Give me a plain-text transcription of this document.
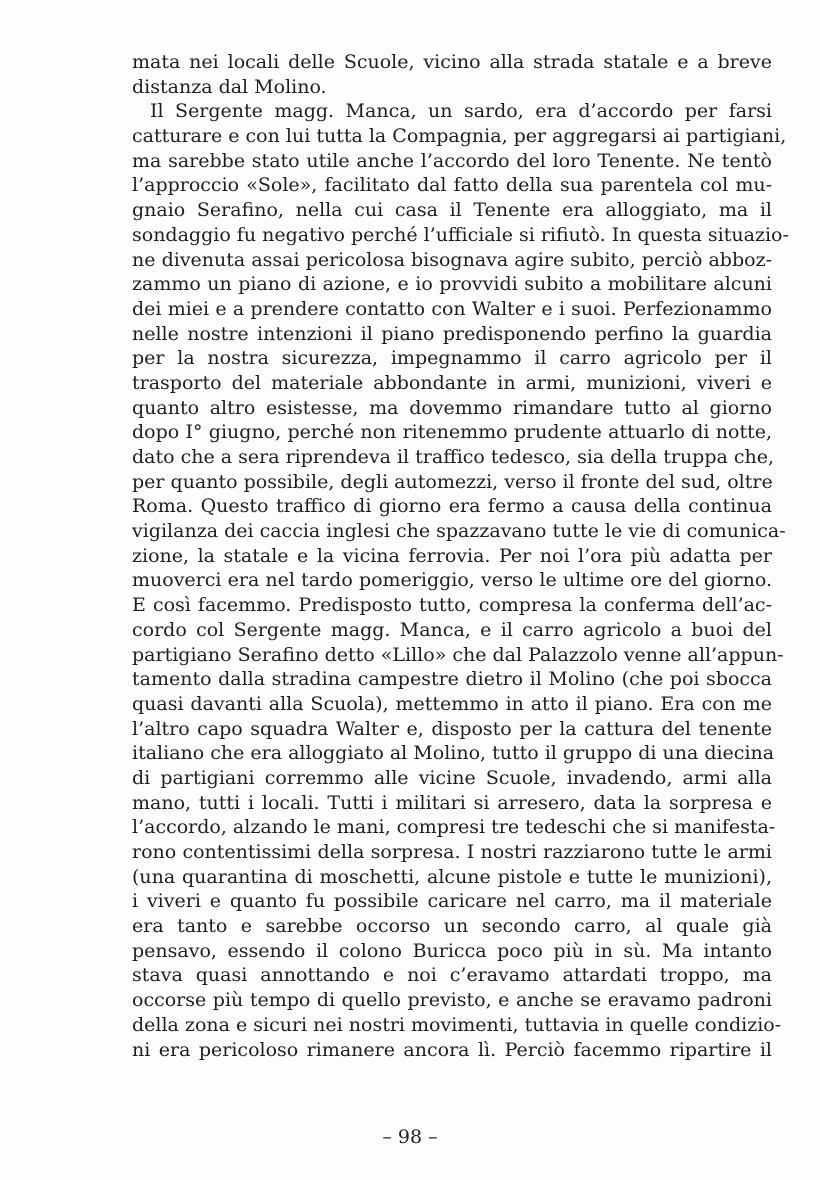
mata nei locali delle Scuole, vicino alla strada statale e a breve
distanza dal Molino.
Il Sergente magg. Manca, un sardo, era d’accordo per farsi
catturare e con lui tutta la Compagnia, per aggregarsi ai partigiani,
ma sarebbe stato utile anche l’accordo del loro Tenente. Ne tentò
l’approccio «Sole», facilitato dal fatto della sua parentela col mu-
gnaio Serafino, nella cui casa il Tenente era alloggiato, ma il
sondaggio fu negativo perché l’ufficiale si rifiutò. In questa situazio-
ne divenuta assai pericolosa bisognava agire subito, perciò abboz-
zammo un piano di azione, e io provvidi subito a mobilitare alcuni
dei miei e a prendere contatto con Walter e i suoi. Perfezionammo
nelle nostre intenzioni il piano predisponendo perfino la guardia
per la nostra sicurezza, impegnammo il carro agricolo per il
trasporto del materiale abbondante in armi, munizioni, viveri e
quanto altro esistesse, ma dovemmo rimandare tutto al giorno
dopo I° giugno, perché non ritenemmo prudente attuarlo di notte,
dato che a sera riprendeva il traffico tedesco, sia della truppa che,
per quanto possibile, degli automezzi, verso il fronte del sud, oltre
Roma. Questo traffico di giorno era fermo a causa della continua
vigilanza dei caccia inglesi che spazzavano tutte le vie di comunica-
zione, la statale e la vicina ferrovia. Per noi l’ora più adatta per
muoverci era nel tardo pomeriggio, verso le ultime ore del giorno.
E così facemmo. Predisposto tutto, compresa la conferma dell’ac-
cordo col Sergente magg. Manca, e il carro agricolo a buoi del
partigiano Serafino detto «Lillo» che dal Palazzolo venne all’appun-
tamento dalla stradina campestre dietro il Molino (che poi sbocca
quasi davanti alla Scuola), mettemmo in atto il piano. Era con me
l’altro capo squadra Walter e, disposto per la cattura del tenente
italiano che era alloggiato al Molino, tutto il gruppo di una diecina
di partigiani corremmo alle vicine Scuole, invadendo, armi alla
mano, tutti i locali. Tutti i militari si arresero, data la sorpresa e
l’accordo, alzando le mani, compresi tre tedeschi che si manifesta-
rono contentissimi della sorpresa. I nostri razziarono tutte le armi
(una quarantina di moschetti, alcune pistole e tutte le munizioni),
i viveri e quanto fu possibile caricare nel carro, ma il materiale
era tanto e sarebbe occorso un secondo carro, al quale già
pensavo, essendo il colono Buricca poco più in sù. Ma intanto
stava quasi annottando e noi c’eravamo attardati troppo, ma
occorse più tempo di quello previsto, e anche se eravamo padroni
della zona e sicuri nei nostri movimenti, tuttavia in quelle condizio-
ni era pericoloso rimanere ancora lì. Perciò facemmo ripartire il
– 98 –
